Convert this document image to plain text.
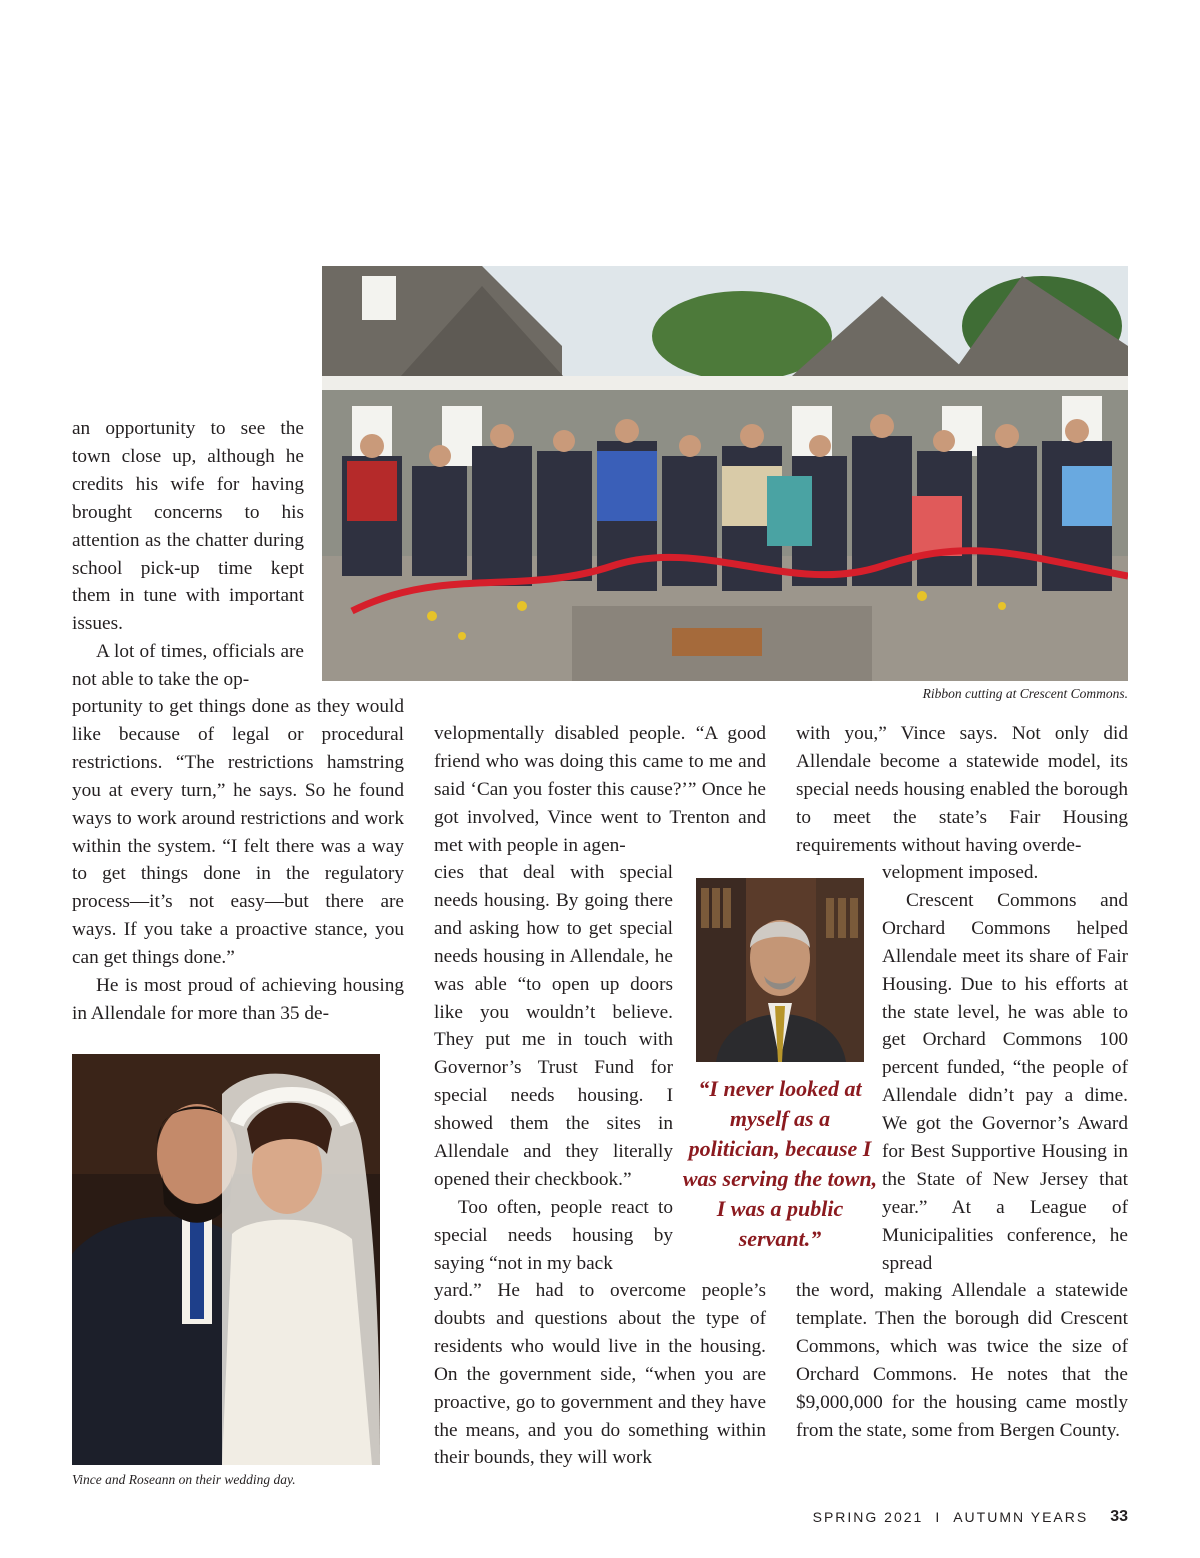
Ribbon cutting at Crescent Commons.

an opportunity to see the town close up, although he credits his wife for having brought concerns to his attention as the chatter during school pick-up time kept them in tune with important issues.

A lot of times, officials are not able to take the op-

portunity to get things done as they would like because of legal or procedural restrictions. “The restrictions hamstring you at every turn,” he says. So he found ways to work around restrictions and work within the system. “I felt there was a way to get things done in the regulatory process—it’s not easy—but there are ways. If you take a proactive stance, you can get things done.”

He is most proud of achieving housing in Allendale for more than 35 de-

Vince and Roseann on their wedding day.

velopmentally disabled people. “A good friend who was doing this came to me and said ‘Can you foster this cause?’” Once he got involved, Vince went to Trenton and met with people in agen-

cies that deal with special needs housing. By going there and asking how to get special needs housing in Allendale, he was able “to open up doors like you wouldn’t believe. They put me in touch with Governor’s Trust Fund for special needs housing. I showed them the sites in Allendale and they literally opened their checkbook.”

Too often, people react to special needs housing by saying “not in my back

yard.” He had to overcome people’s doubts and questions about the type of residents who would live in the housing. On the government side, “when you are proactive, go to government and they have the means, and you do something within their bounds, they will work

“I never looked at myself as a politician, because I was serving the town, I was a public servant.”

with you,” Vince says. Not only did Allendale become a statewide model, its special needs housing enabled the borough to meet the state’s Fair Housing requirements without having overde-

velopment imposed.

Crescent Commons and Orchard Commons helped Allendale meet its share of Fair Housing. Due to his efforts at the state level, he was able to get Orchard Commons 100 percent funded, “the people of Allendale didn’t pay a dime. We got the Governor’s Award for Best Supportive Housing in the State of New Jersey that year.” At a League of Municipalities conference, he spread

the word, making Allendale a statewide template. Then the borough did Crescent Commons, which was twice the size of Orchard Commons. He notes that the $9,000,000 for the housing came mostly from the state, some from Bergen County.

SPRING 2021 I AUTUMN YEARS 33
